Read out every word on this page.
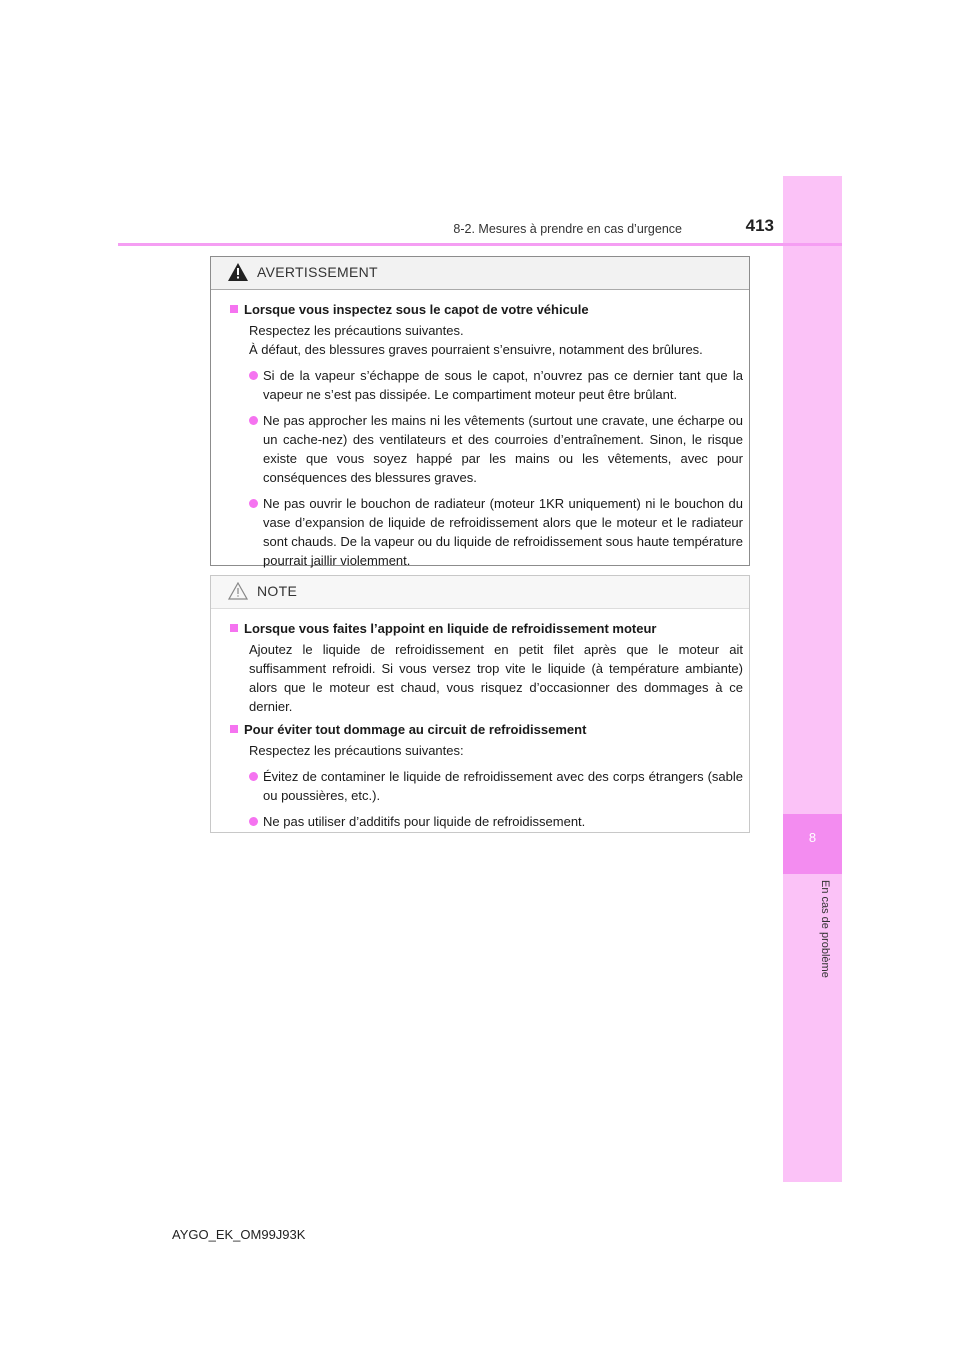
8
En cas de problème
8-2. Mesures à prendre en cas d’urgence	413
AVERTISSEMENT
Lorsque vous inspectez sous le capot de votre véhicule
Respectez les précautions suivantes.
À défaut, des blessures graves pourraient s’ensuivre, notamment des brûlures.
Si de la vapeur s’échappe de sous le capot, n’ouvrez pas ce dernier tant que la vapeur ne s’est pas dissipée. Le compartiment moteur peut être brûlant.
Ne pas approcher les mains ni les vêtements (surtout une cravate, une écharpe ou un cache-nez) des ventilateurs et des courroies d’entraînement. Sinon, le risque existe que vous soyez happé par les mains ou les vêtements, avec pour conséquences des blessures graves.
Ne pas ouvrir le bouchon de radiateur (moteur 1KR uniquement) ni le bouchon du vase d’expansion de liquide de refroidissement alors que le moteur et le radiateur sont chauds. De la vapeur ou du liquide de refroidissement sous haute température pourrait jaillir violemment.
NOTE
Lorsque vous faites l’appoint en liquide de refroidissement moteur
Ajoutez le liquide de refroidissement en petit filet après que le moteur ait suffisamment refroidi. Si vous versez trop vite le liquide (à température ambiante) alors que le moteur est chaud, vous risquez d’occasionner des dommages à ce dernier.
Pour éviter tout dommage au circuit de refroidissement
Respectez les précautions suivantes:
Évitez de contaminer le liquide de refroidissement avec des corps étrangers (sable ou poussières, etc.).
Ne pas utiliser d’additifs pour liquide de refroidissement.
AYGO_EK_OM99J93K
